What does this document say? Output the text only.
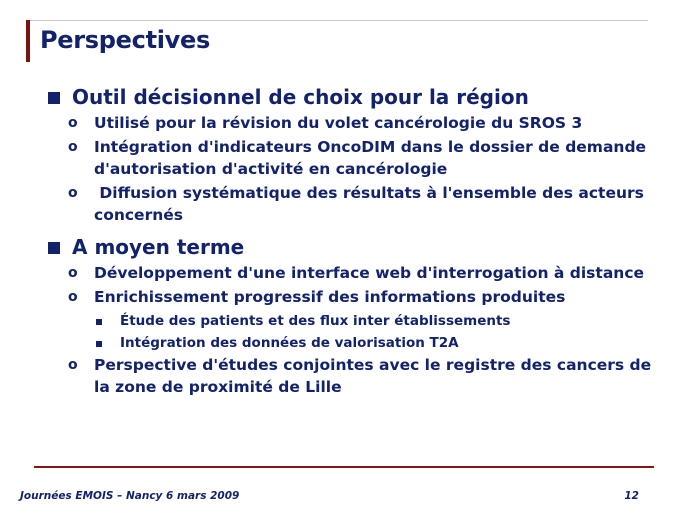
Perspectives
Outil décisionnel de choix pour la région
o Utilisé pour la révision du volet cancérologie du SROS 3
o Intégration d'indicateurs OncoDIM dans le dossier de demande d'autorisation d'activité en cancérologie
o Diffusion systématique des résultats à l'ensemble des acteurs concernés
A moyen terme
o Développement d'une interface web d'interrogation à distance
o Enrichissement progressif des informations produites
Étude des patients et des flux inter établissements
Intégration des données de valorisation T2A
o Perspective d'études conjointes avec le registre des cancers de la zone de proximité de Lille
Journées EMOIS – Nancy 6 mars 2009	12
